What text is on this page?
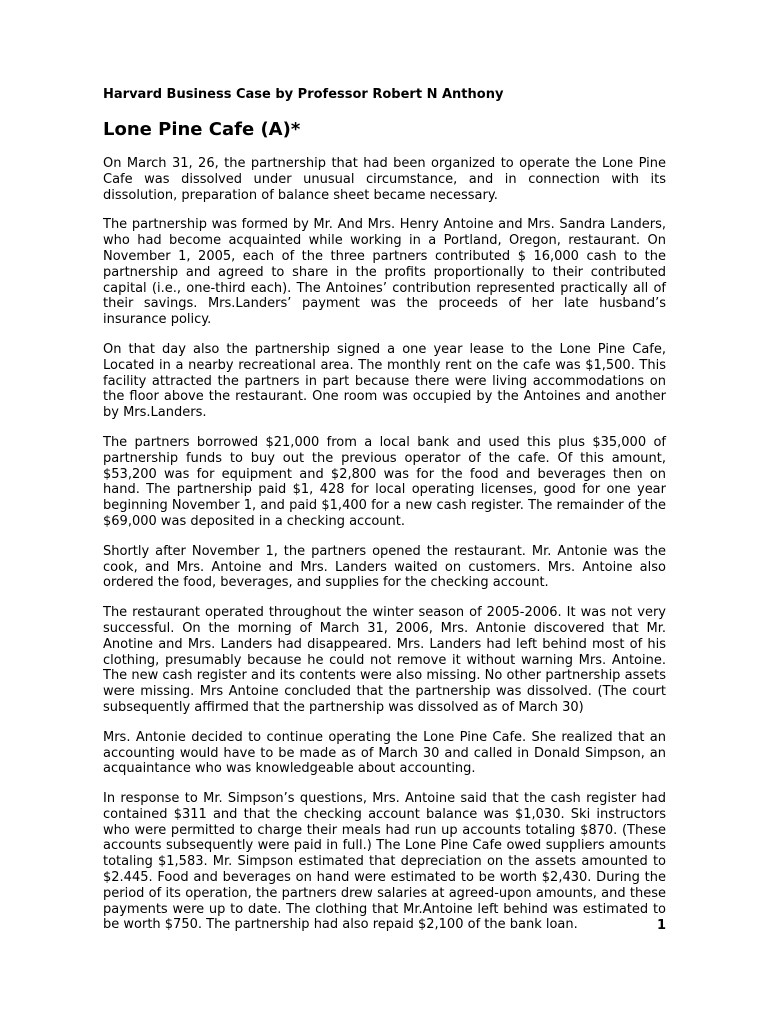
Harvard Business Case by Professor Robert N Anthony
Lone Pine Cafe (A)*

On March 31, 26, the partnership that had been organized to operate the Lone Pine Cafe was dissolved under unusual circumstance, and in connection with its dissolution, preparation of balance sheet became necessary.

The partnership was formed by Mr. And Mrs. Henry Antoine and Mrs. Sandra Landers, who had become acquainted while working in a Portland, Oregon, restaurant. On November 1, 2005, each of the three partners contributed $ 16,000 cash to the partnership and agreed to share in the profits proportionally to their contributed capital (i.e., one-third each). The Antoines’ contribution represented practically all of their savings. Mrs.Landers’ payment was the proceeds of her late husband’s insurance policy.

On that day also the partnership signed a one year lease to the Lone Pine Cafe, Located in a nearby recreational area. The monthly rent on the cafe was $1,500. This facility attracted the partners in part because there were living accommodations on the floor above the restaurant. One room was occupied by the Antoines and another by Mrs.Landers.

The partners borrowed $21,000 from a local bank and used this plus $35,000 of partnership funds to buy out the previous operator of the cafe. Of this amount, $53,200 was for equipment and $2,800 was for the food and beverages then on hand. The partnership paid $1, 428 for local operating licenses, good for one year beginning November 1, and paid $1,400 for a new cash register. The remainder of the $69,000 was deposited in a checking account.

Shortly after November 1, the partners opened the restaurant. Mr. Antonie was the cook, and Mrs. Antoine and Mrs. Landers waited on customers. Mrs. Antoine also ordered the food, beverages, and supplies for the checking account.

The restaurant operated throughout the winter season of 2005-2006. It was not very successful. On the morning of March 31, 2006, Mrs. Antonie discovered that Mr. Anotine and Mrs. Landers had disappeared. Mrs. Landers had left behind most of his clothing, presumably because he could not remove it without warning Mrs. Antoine. The new cash register and its contents were also missing. No other partnership assets were missing. Mrs Antoine concluded that the partnership was dissolved. (The court subsequently affirmed that the partnership was dissolved as of March 30)

Mrs. Antonie decided to continue operating the Lone Pine Cafe. She realized that an accounting would have to be made as of March 30 and called in Donald Simpson, an acquaintance who was knowledgeable about accounting.

In response to Mr. Simpson’s questions, Mrs. Antoine said that the cash register had contained $311 and that the checking account balance was $1,030. Ski instructors who were permitted to charge their meals had run up accounts totaling $870. (These accounts subsequently were paid in full.) The Lone Pine Cafe owed suppliers amounts totaling $1,583. Mr. Simpson estimated that depreciation on the assets amounted to $2.445. Food and beverages on hand were estimated to be worth $2,430. During the period of its operation, the partners drew salaries at agreed-upon amounts, and these payments were up to date. The clothing that Mr.Antoine left behind was estimated to be worth $750. The partnership had also repaid $2,100 of the bank loan.	1
